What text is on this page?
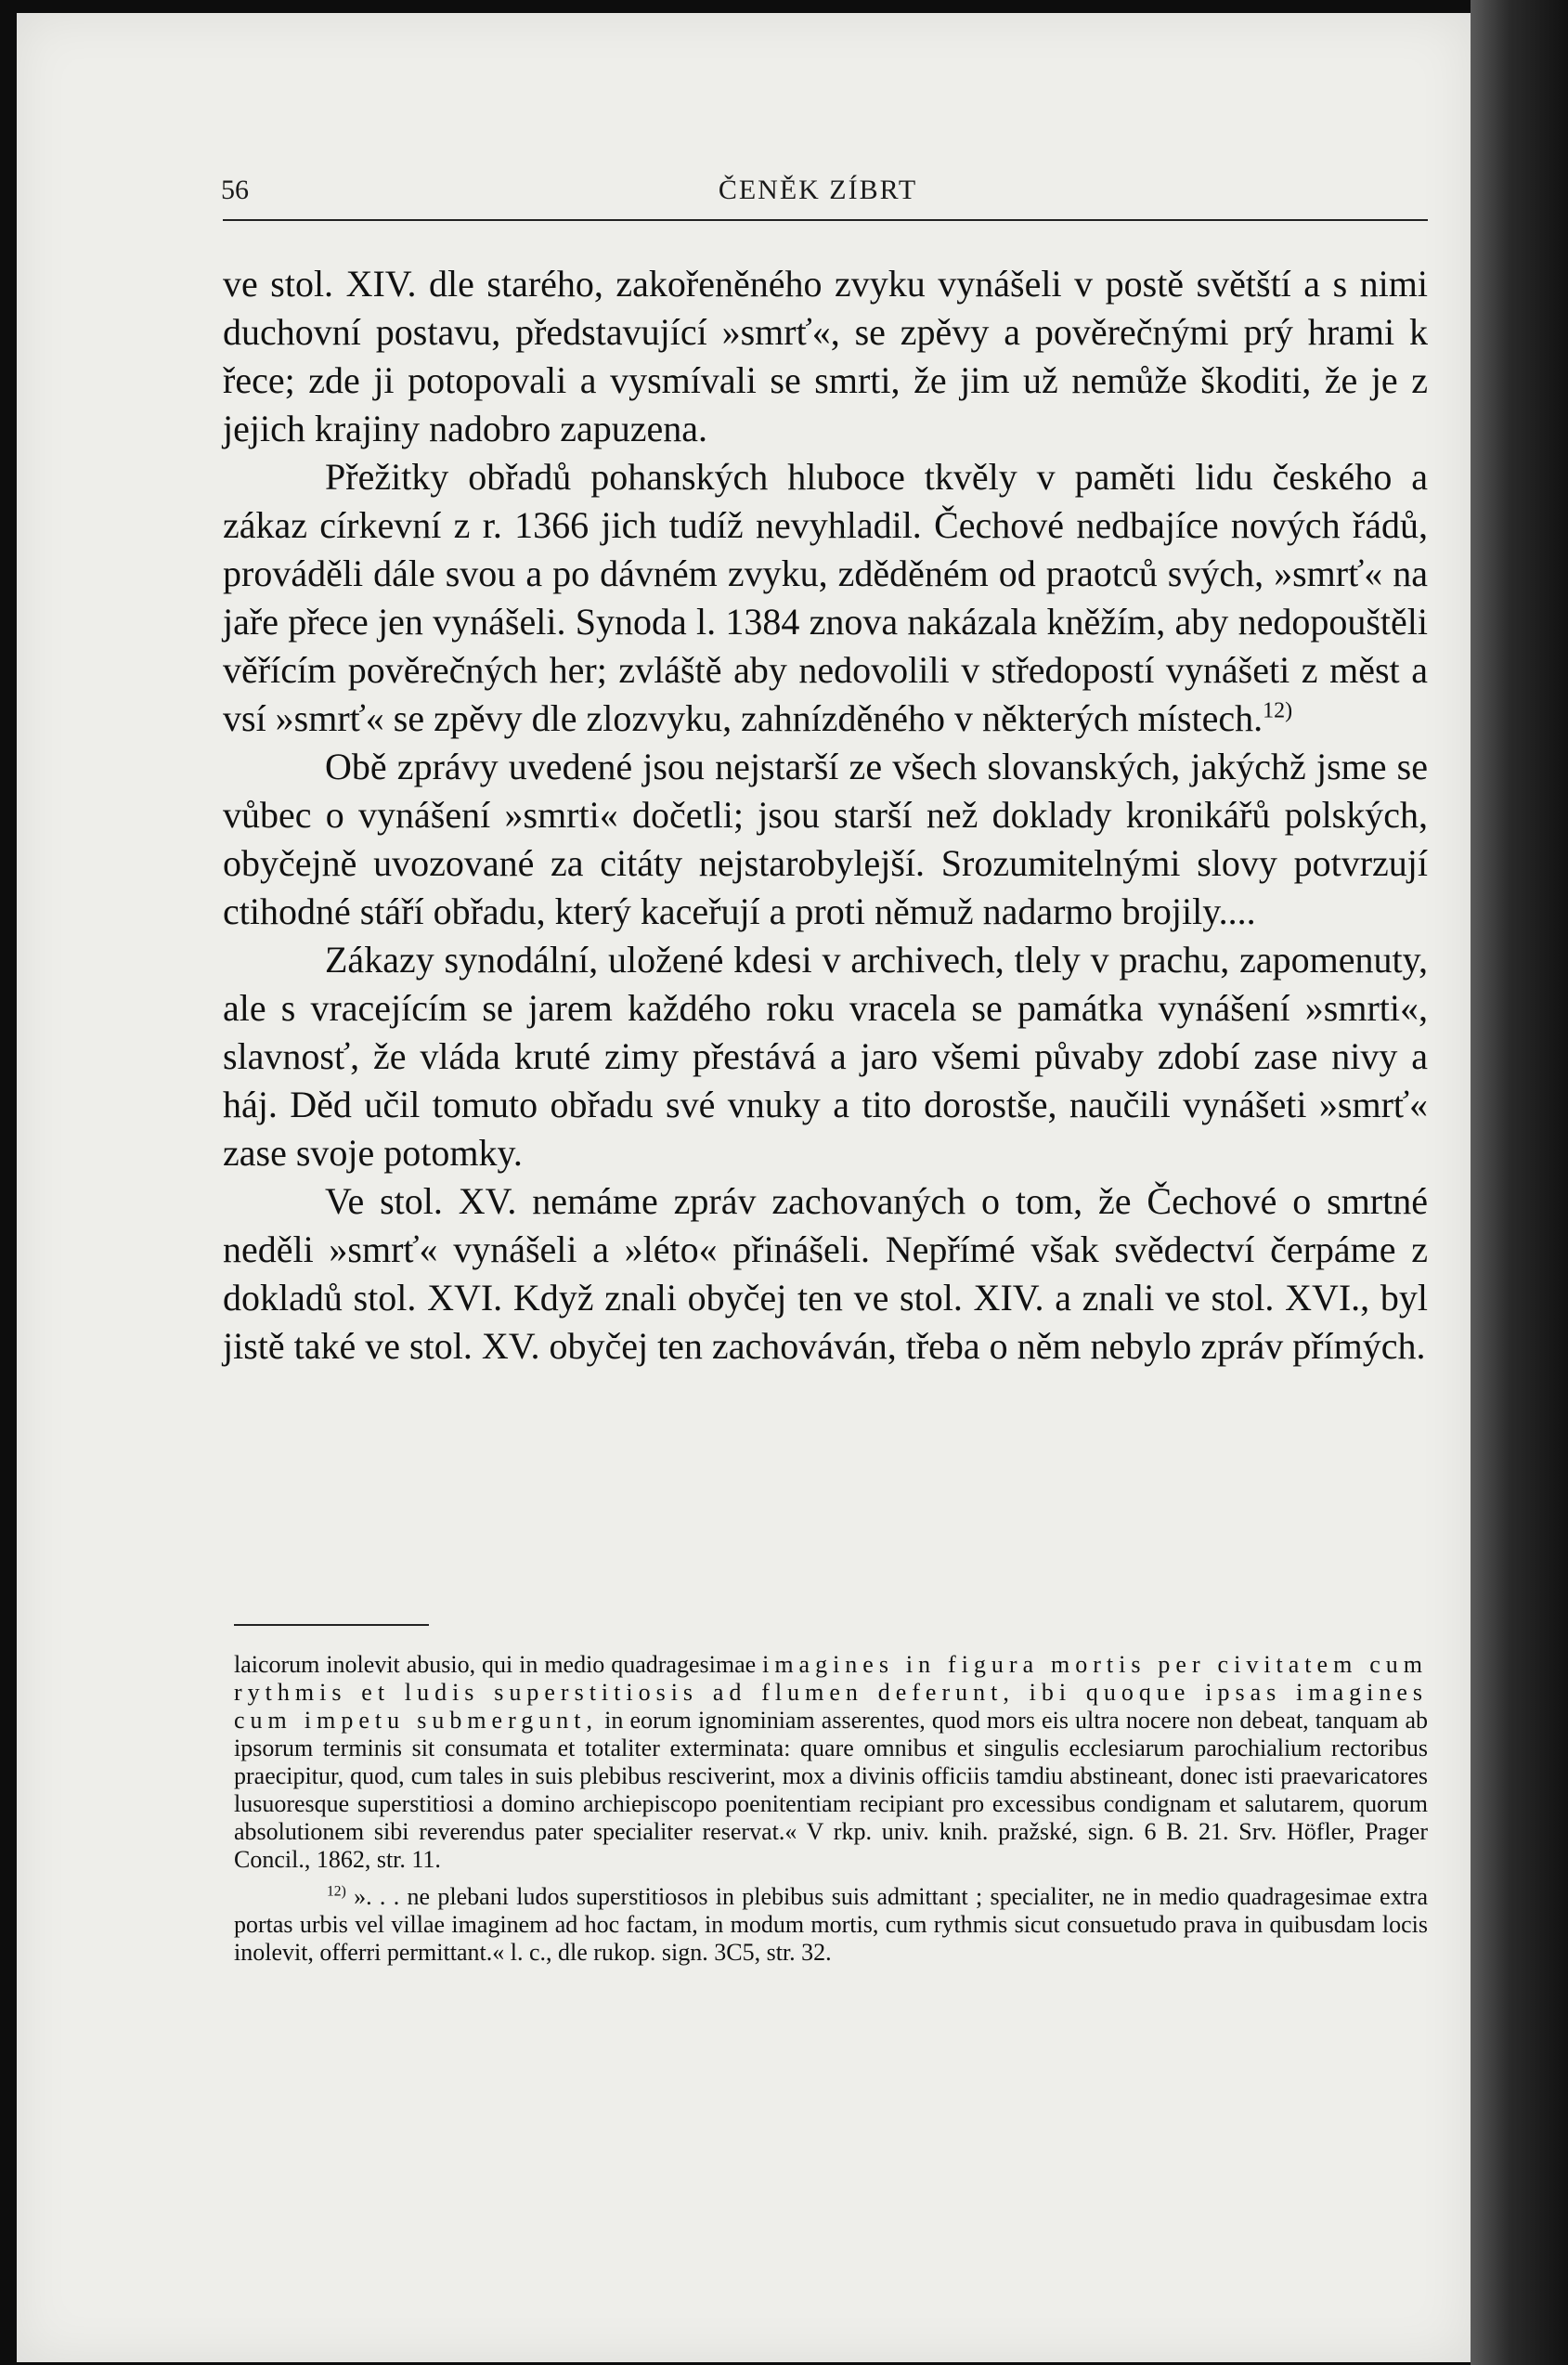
56	ČENĚK ZÍBRT

ve stol. XIV. dle starého, zakořeněného zvyku vynášeli v postě světští a s nimi duchovní postavu, představující »smrť«, se zpěvy a pověrečnými prý hrami k řece; zde ji potopovali a vysmívali se smrti, že jim už nemůže škoditi, že je z jejich krajiny nadobro zapuzena.

Přežitky obřadů pohanských hluboce tkvěly v paměti lidu českého a zákaz církevní z r. 1366 jich tudíž nevyhladil. Čechové nedbajíce nových řádů, prováděli dále svou a po dávném zvyku, zděděném od praotců svých, »smrť« na jaře přece jen vynášeli. Synoda l. 1384 znova nakázala kněžím, aby nedopouštěli věřícím pověrečných her; zvláště aby nedovolili v středopostí vynášeti z měst a vsí »smrť« se zpěvy dle zlozvyku, zahnízděného v některých místech.$^{12)}$

Obě zprávy uvedené jsou nejstarší ze všech slovanských, jakýchž jsme se vůbec o vynášení »smrti« dočetli; jsou starší než doklady kronikářů polských, obyčejně uvozované za citáty nejstarobylejší. Srozumitelnými slovy potvrzují ctihodné stáří obřadu, který kaceřují a proti němuž nadarmo brojily....

Zákazy synodální, uložené kdesi v archivech, tlely v prachu, zapomenuty, ale s vracejícím se jarem každého roku vracela se památka vynášení »smrti«, slavnosť, že vláda kruté zimy přestává a jaro všemi půvaby zdobí zase nivy a háj. Děd učil tomuto obřadu své vnuky a tito dorostše, naučili vynášeti »smrť« zase svoje potomky.

Ve stol. XV. nemáme zpráv zachovaných o tom, že Čechové o smrtné neděli »smrť« vynášeli a »léto« přinášeli. Nepřímé však svědectví čerpáme z dokladů stol. XVI. Když znali obyčej ten ve stol. XIV. a znali ve stol. XVI., byl jistě také ve stol. XV. obyčej ten zachováván, třeba o něm nebylo zpráv přímých.

laicorum inolevit abusio, qui in medio quadragesimae imagines in figura mortis per civitatem cum rythmis et ludis superstitiosis ad flumen deferunt, ibi quoque ipsas imagines cum impetu submergunt, in eorum ignominiam asserentes, quod mors eis ultra nocere non debeat, tanquam ab ipsorum terminis sit consumata et totaliter exterminata: quare omnibus et singulis ecclesiarum parochialium rectoribus praecipitur, quod, cum tales in suis plebibus resciverint, mox a divinis officiis tamdiu abstineant, donec isti praevaricatores lusuoresque superstitiosi a domino archiepiscopo poenitentiam recipiant pro excessibus condignam et salutarem, quorum absolutionem sibi reverendus pater specialiter reservat.« V rkp. univ. knih. pražské, sign. 6 B. 21. Srv. Höfler, Prager Concil., 1862, str. 11.

$^{12)}$ ». . . ne plebani ludos superstitiosos in plebibus suis admittant ; specialiter, ne in medio quadragesimae extra portas urbis vel villae imaginem ad hoc factam, in modum mortis, cum rythmis sicut consuetudo prava in quibusdam locis inolevit, offerri permittant.« l. c., dle rukop. sign. 3C5, str. 32.
